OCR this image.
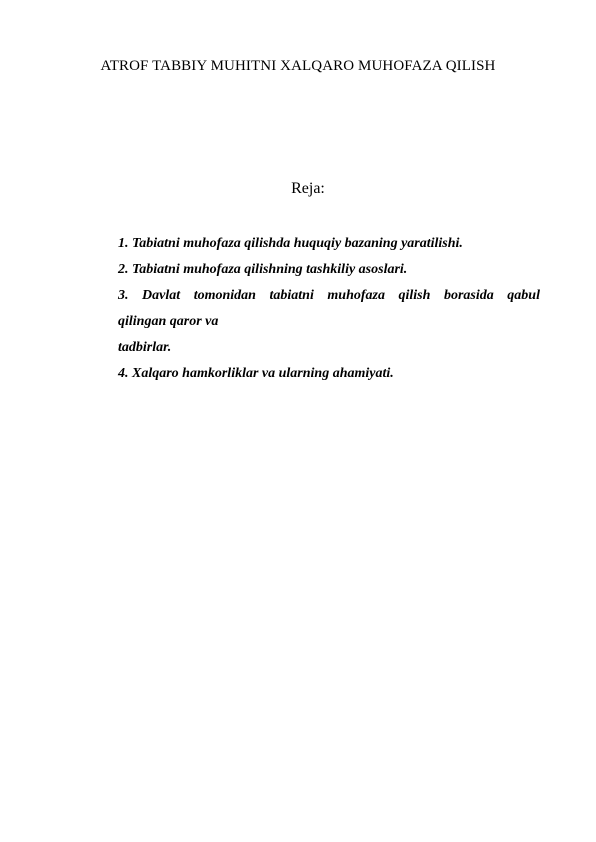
ATROF TABBIY MUHITNI XALQARO MUHOFAZA QILISH
Reja:

1. Tabiatni muhofaza qilishda huquqiy bazaning yaratilishi.

2. Tabiatni muhofaza qilishning tashkiliy asoslari.

3. Davlat tomonidan tabiatni muhofaza qilish borasida qabul

qilingan qaror va

tadbirlar.

4. Xalqaro hamkorliklar va ularning ahamiyati.
